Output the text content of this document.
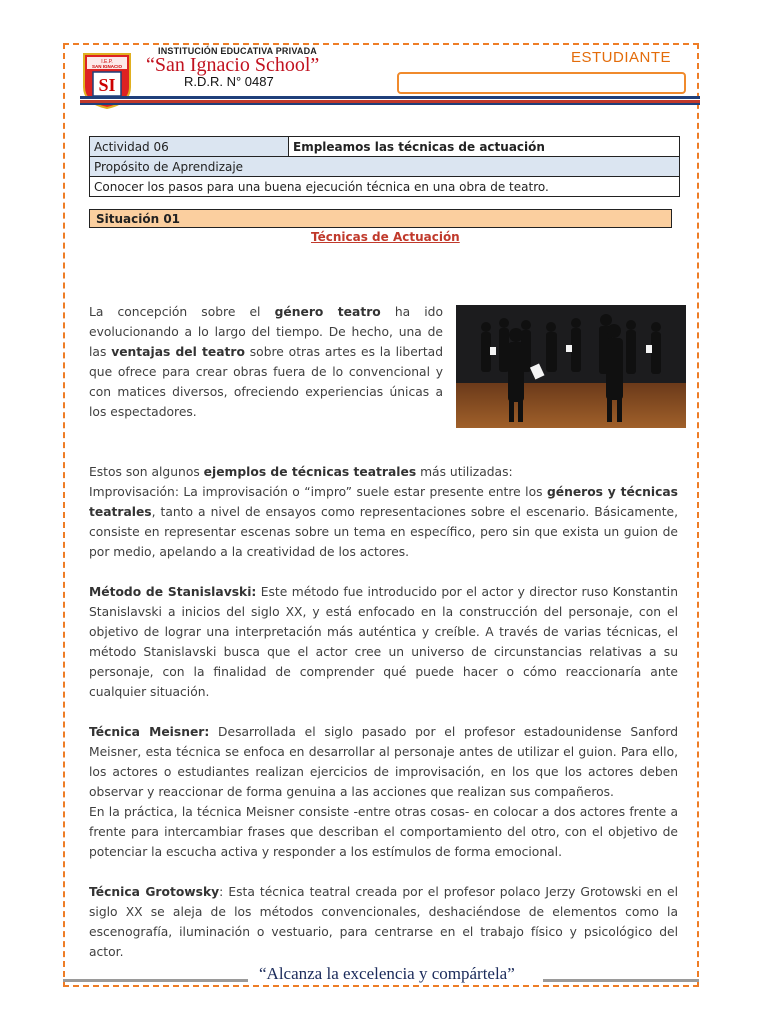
I.E.P.
SAN IGNACIO
SI
INSTITUCIÓN EDUCATIVA PRIVADA
“San Ignacio School”
R.D.R. N° 0487
ESTUDIANTE
Actividad 06	Empleamos las técnicas de actuación
Propósito de Aprendizaje
Conocer los pasos para una buena ejecución técnica en una obra de teatro.
Situación 01
Técnicas de Actuación
La concepción sobre el género teatro ha ido evolucionando a lo largo del tiempo. De hecho, una de las ventajas del teatro sobre otras artes es la libertad que ofrece para crear obras fuera de lo convencional y con matices diversos, ofreciendo experiencias únicas a los espectadores.
Estos son algunos ejemplos de técnicas teatrales más utilizadas:
Improvisación: La improvisación o “impro” suele estar presente entre los géneros y técnicas teatrales, tanto a nivel de ensayos como representaciones sobre el escenario. Básicamente, consiste en representar escenas sobre un tema en específico, pero sin que exista un guion de por medio, apelando a la creatividad de los actores.
Método de Stanislavski: Este método fue introducido por el actor y director ruso Konstantin Stanislavski a inicios del siglo XX, y está enfocado en la construcción del personaje, con el objetivo de lograr una interpretación más auténtica y creíble. A través de varias técnicas, el método Stanislavski busca que el actor cree un universo de circunstancias relativas a su personaje, con la finalidad de comprender qué puede hacer o cómo reaccionaría ante cualquier situación.
Técnica Meisner: Desarrollada el siglo pasado por el profesor estadounidense Sanford Meisner, esta técnica se enfoca en desarrollar al personaje antes de utilizar el guion. Para ello, los actores o estudiantes realizan ejercicios de improvisación, en los que los actores deben observar y reaccionar de forma genuina a las acciones que realizan sus compañeros.
En la práctica, la técnica Meisner consiste -entre otras cosas- en colocar a dos actores frente a frente para intercambiar frases que describan el comportamiento del otro, con el objetivo de potenciar la escucha activa y responder a los estímulos de forma emocional.
Técnica Grotowsky: Esta técnica teatral creada por el profesor polaco Jerzy Grotowski en el siglo XX se aleja de los métodos convencionales, deshaciéndose de elementos como la escenografía, iluminación o vestuario, para centrarse en el trabajo físico y psicológico del actor.
“Alcanza la excelencia y compártela”
